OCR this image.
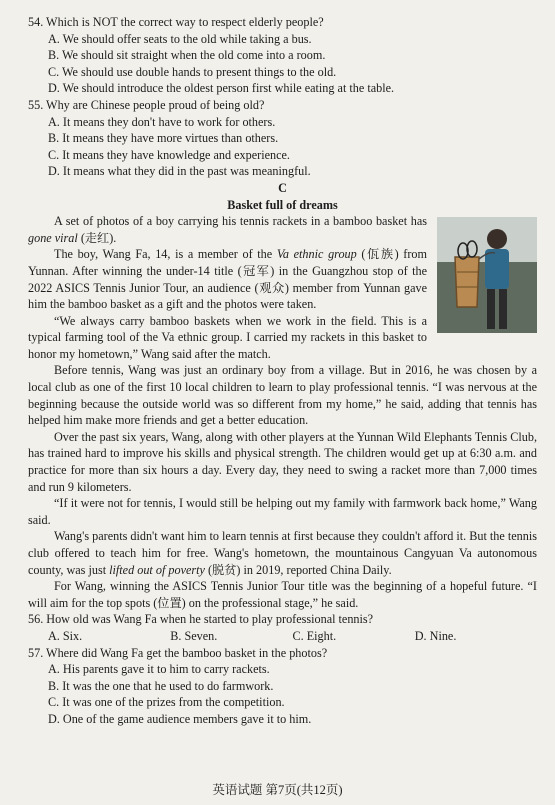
54. Which is NOT the correct way to respect elderly people?

A. We should offer seats to the old while taking a bus.

B. We should sit straight when the old come into a room.

C. We should use double hands to present things to the old.

D. We should introduce the oldest person first while eating at the table.

55. Why are Chinese people proud of being old?

A. It means they don't have to work for others.

B. It means they have more virtues than others.

C. It means they have knowledge and experience.

D. It means what they did in the past was meaningful.

C

Basket full of dreams

A set of photos of a boy carrying his tennis rackets in a bamboo basket has gone viral (走红).

The boy, Wang Fa, 14, is a member of the Va ethnic group (佤族) from Yunnan. After winning the under-14 title (冠军) in the Guangzhou stop of the 2022 ASICS Tennis Junior Tour, an audience (观众) member from Yunnan gave him the bamboo basket as a gift and the photos were taken.

“We always carry bamboo baskets when we work in the field. This is a typical farming tool of the Va ethnic group. I carried my rackets in this basket to honor my hometown,” Wang said after the match.

Before tennis, Wang was just an ordinary boy from a village. But in 2016, he was chosen by a local club as one of the first 10 local children to learn to play professional tennis. “I was nervous at the beginning because the outside world was so different from my home,” he said, adding that tennis has helped him make more friends and get a better education.

Over the past six years, Wang, along with other players at the Yunnan Wild Elephants Tennis Club, has trained hard to improve his skills and physical strength. The children would get up at 6:30 a.m. and practice for more than six hours a day. Every day, they need to swing a racket more than 7,000 times and run 9 kilometers.

“If it were not for tennis, I would still be helping out my family with farmwork back home,” Wang said.

Wang's parents didn't want him to learn tennis at first because they couldn't afford it. But the tennis club offered to teach him for free. Wang's hometown, the mountainous Cangyuan Va autonomous county, was just lifted out of poverty (脱贫) in 2019, reported China Daily.

For Wang, winning the ASICS Tennis Junior Tour title was the beginning of a hopeful future. “I will aim for the top spots (位置) on the professional stage,” he said.

56. How old was Wang Fa when he started to play professional tennis?

A. Six.	B. Seven.	C. Eight.	D. Nine.

57. Where did Wang Fa get the bamboo basket in the photos?

A. His parents gave it to him to carry rackets.

B. It was the one that he used to do farmwork.

C. It was one of the prizes from the competition.

D. One of the game audience members gave it to him.

英语试题 第7页(共12页)
